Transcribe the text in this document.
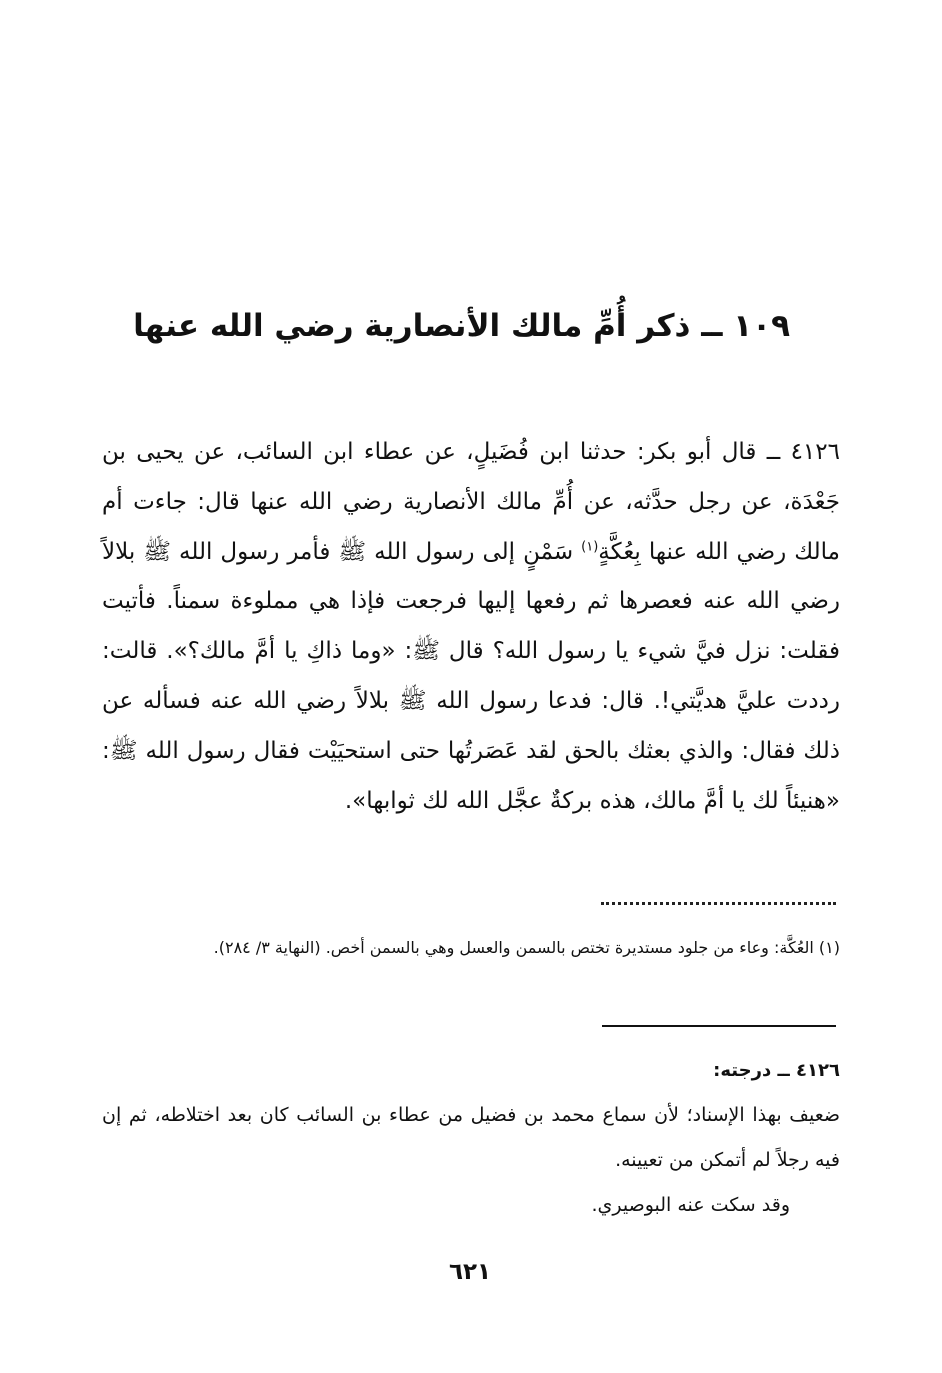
١٠٩ ــ ذكر أُمِّ مالك الأنصارية رضي الله عنها

٤١٢٦ ــ قال أبو بكر: حدثنا ابن فُضَيلٍ، عن عطاء ابن السائب، عن يحيى بن جَعْدَة، عن رجل حدَّثه، عن أُمِّ مالك الأنصارية رضي الله عنها قال: جاءت أم مالك رضي الله عنها بِعُكَّةٍ$^{(١)}$ سَمْنٍ إلى رسول الله ﷺ فأمر رسول الله ﷺ بلالاً رضي الله عنه فعصرها ثم رفعها إليها فرجعت فإذا هي مملوءة سمناً. فأتيت فقلت: نزل فيَّ شيء يا رسول الله؟ قال ﷺ: «وما ذاكِ يا أمَّ مالك؟». قالت: رددت عليَّ هديَّتي!. قال: فدعا رسول الله ﷺ بلالاً رضي الله عنه فسأله عن ذلك فقال: والذي بعثك بالحق لقد عَصَرتُها حتى استحيَيْت فقال رسول الله ﷺ: «هنيئاً لك يا أمَّ مالك، هذه بركةٌ عجَّل الله لك ثوابها».

(١) العُكَّة: وعاء من جلود مستديرة تختص بالسمن والعسل وهي بالسمن أخص. (النهاية ٣/ ٢٨٤).

٤١٢٦ ــ درجته:

ضعيف بهذا الإسناد؛ لأن سماع محمد بن فضيل من عطاء بن السائب كان بعد اختلاطه، ثم إن فيه رجلاً لم أتمكن من تعيينه.

وقد سكت عنه البوصيري.

٦٢١
